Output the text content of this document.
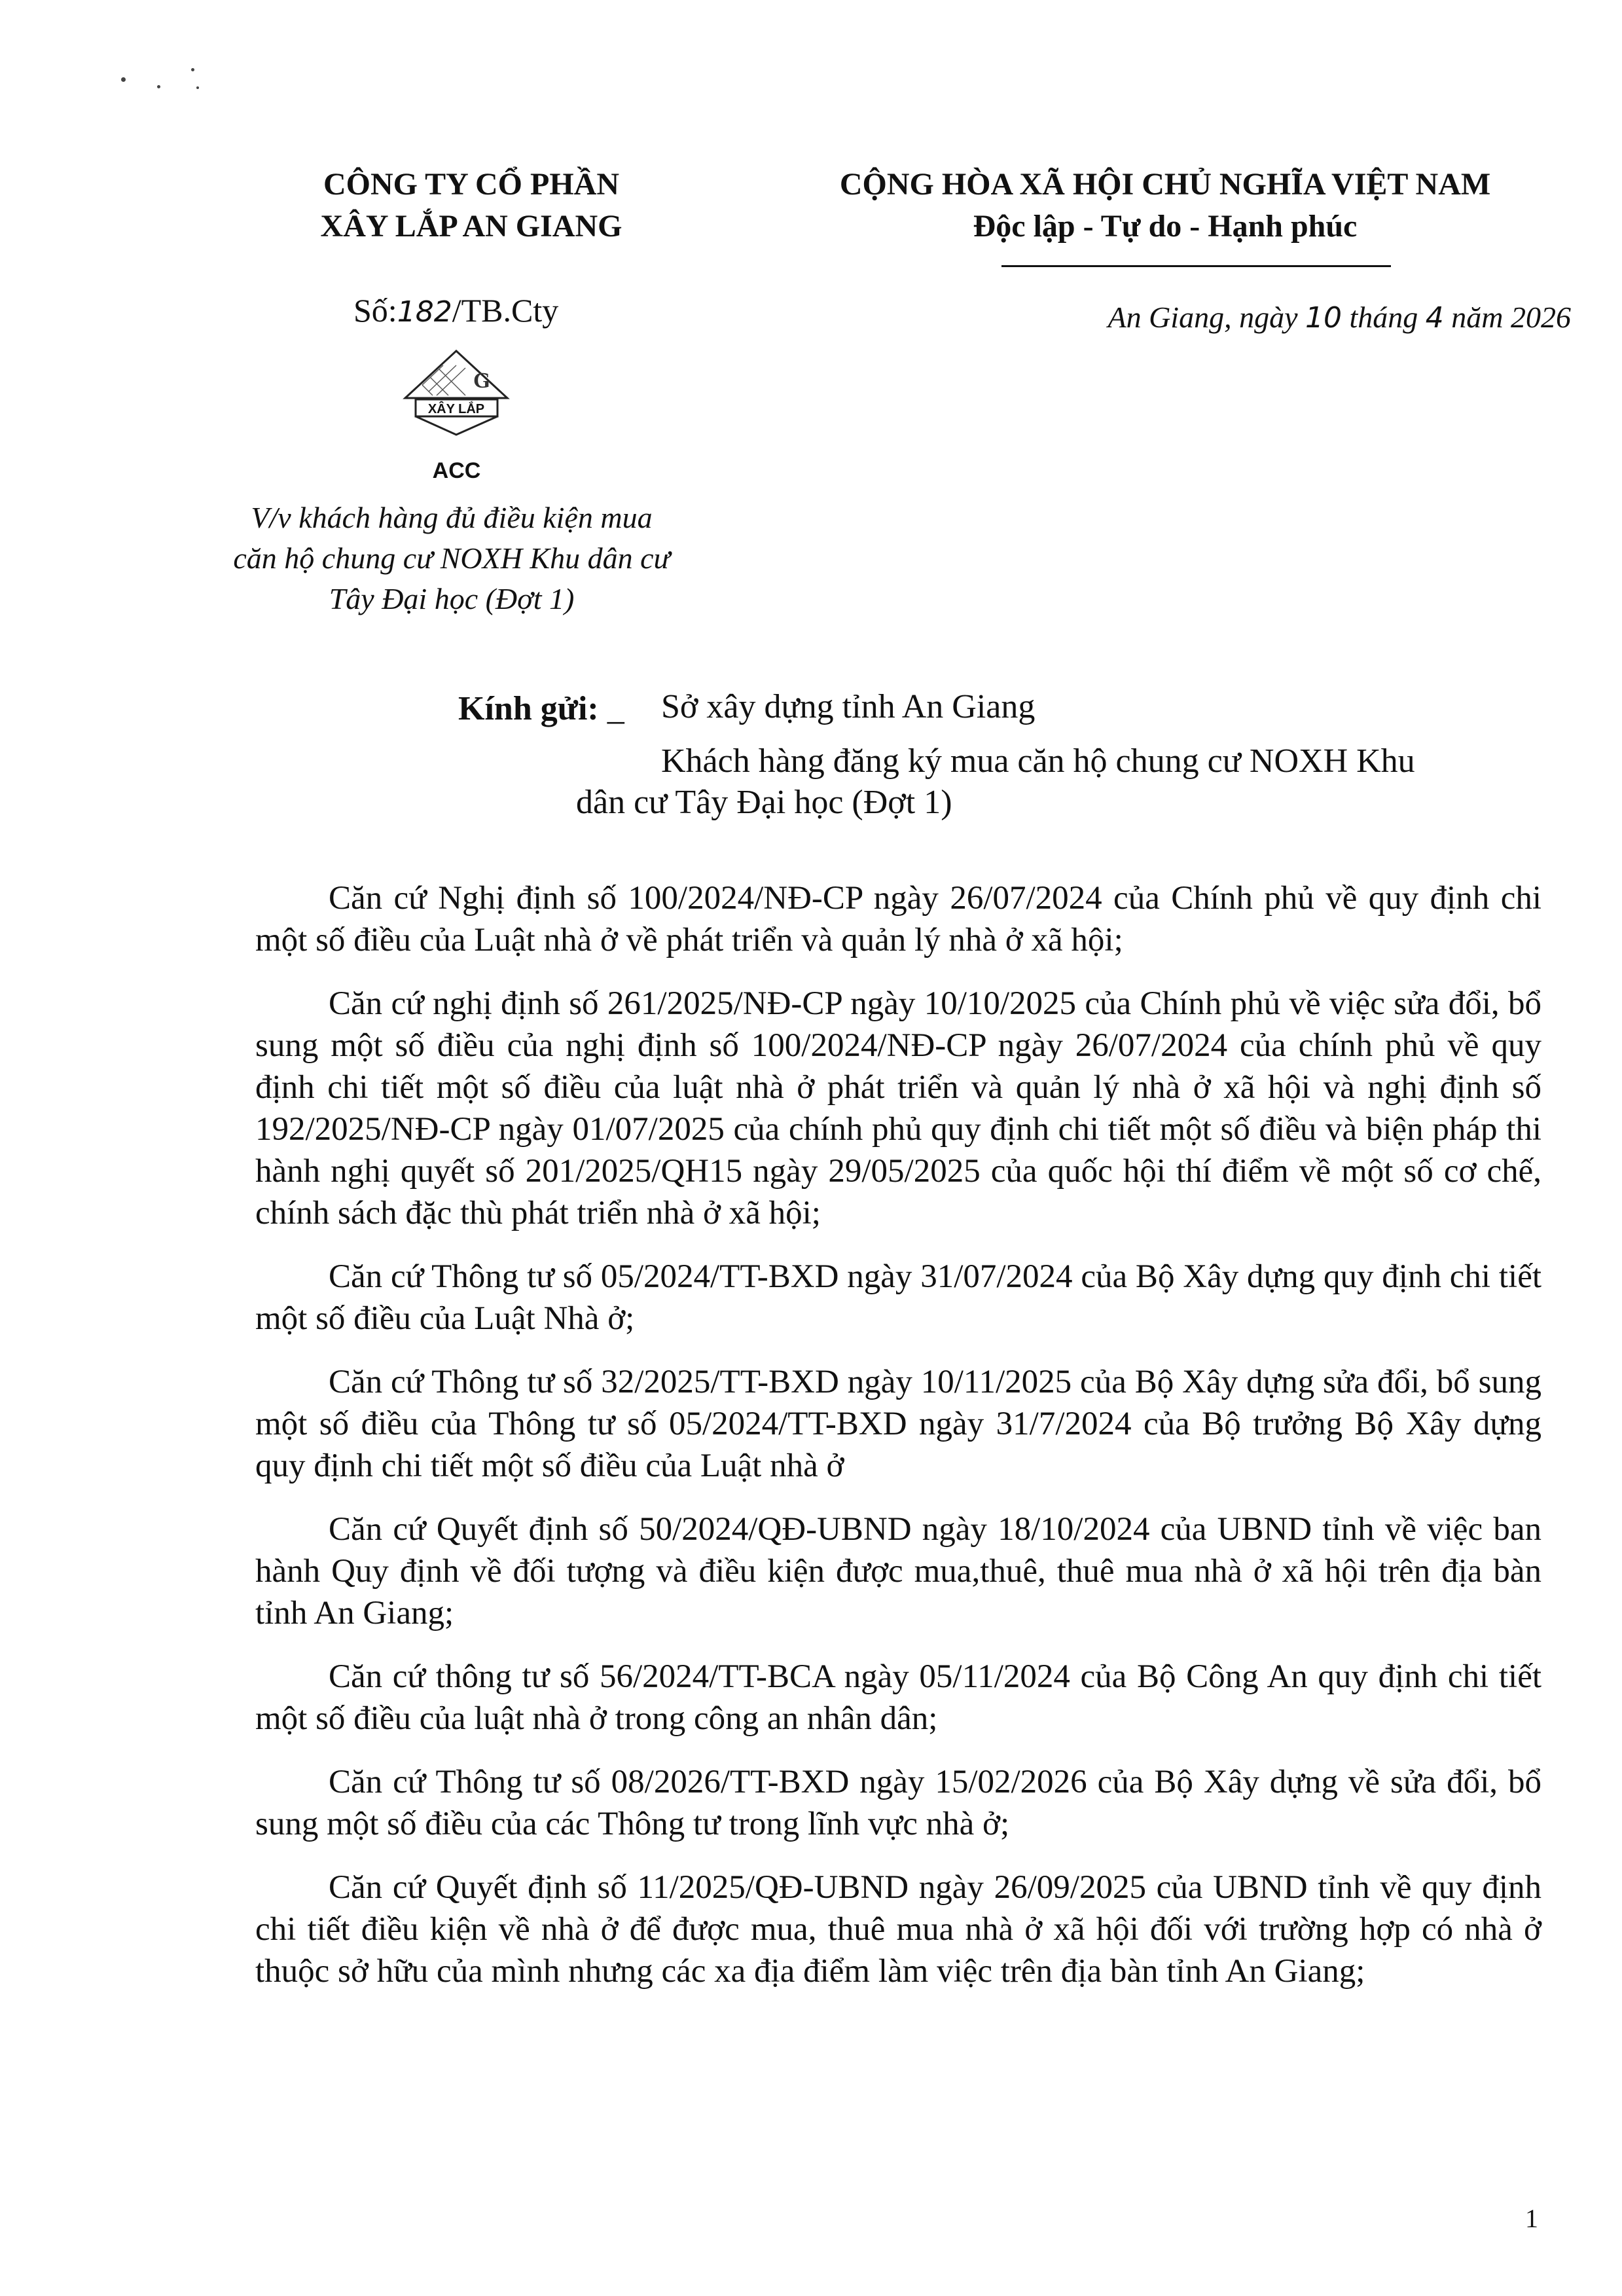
CÔNG TY CỔ PHẦN
XÂY LẮP AN GIANG
CỘNG HÒA XÃ HỘI CHỦ NGHĨA VIỆT NAM
Độc lập - Tự do - Hạnh phúc
Số:182/TB.Cty	An Giang, ngày 10 tháng 4 năm 2026
G
XÂY LẮP
ACC
V/v khách hàng đủ điều kiện mua
căn hộ chung cư NOXH Khu dân cư
Tây Đại học (Đợt 1)
Kính gửi: _	Sở xây dựng tỉnh An Giang
Khách hàng đăng ký mua căn hộ chung cư NOXH Khu
dân cư Tây Đại học (Đợt 1)

Căn cứ Nghị định số 100/2024/NĐ-CP ngày 26/07/2024 của Chính phủ về quy định chi một số điều của Luật nhà ở về phát triển và quản lý nhà ở xã hội;

Căn cứ nghị định số 261/2025/NĐ-CP ngày 10/10/2025 của Chính phủ về việc sửa đổi, bổ sung một số điều của nghị định số 100/2024/NĐ-CP ngày 26/07/2024 của chính phủ về quy định chi tiết một số điều của luật nhà ở phát triển và quản lý nhà ở xã hội và nghị định số 192/2025/NĐ-CP ngày 01/07/2025 của chính phủ quy định chi tiết một số điều và biện pháp thi hành nghị quyết số 201/2025/QH15 ngày 29/05/2025 của quốc hội thí điểm về một số cơ chế, chính sách đặc thù phát triển nhà ở xã hội;

Căn cứ Thông tư số 05/2024/TT-BXD ngày 31/07/2024 của Bộ Xây dựng quy định chi tiết một số điều của Luật Nhà ở;

Căn cứ Thông tư số 32/2025/TT-BXD ngày 10/11/2025 của Bộ Xây dựng sửa đổi, bổ sung một số điều của Thông tư số 05/2024/TT-BXD ngày 31/7/2024 của Bộ trưởng Bộ Xây dựng quy định chi tiết một số điều của Luật nhà ở

Căn cứ Quyết định số 50/2024/QĐ-UBND ngày 18/10/2024 của UBND tỉnh về việc ban hành Quy định về đối tượng và điều kiện được mua,thuê, thuê mua nhà ở xã hội trên địa bàn tỉnh An Giang;

Căn cứ thông tư số 56/2024/TT-BCA ngày 05/11/2024 của Bộ Công An quy định chi tiết một số điều của luật nhà ở trong công an nhân dân;

Căn cứ Thông tư số 08/2026/TT-BXD ngày 15/02/2026 của Bộ Xây dựng về sửa đổi, bổ sung một số điều của các Thông tư trong lĩnh vực nhà ở;

Căn cứ Quyết định số 11/2025/QĐ-UBND ngày 26/09/2025 của UBND tỉnh về quy định chi tiết điều kiện về nhà ở để được mua, thuê mua nhà ở xã hội đối với trường hợp có nhà ở thuộc sở hữu của mình nhưng các xa địa điểm làm việc trên địa bàn tỉnh An Giang;

1
